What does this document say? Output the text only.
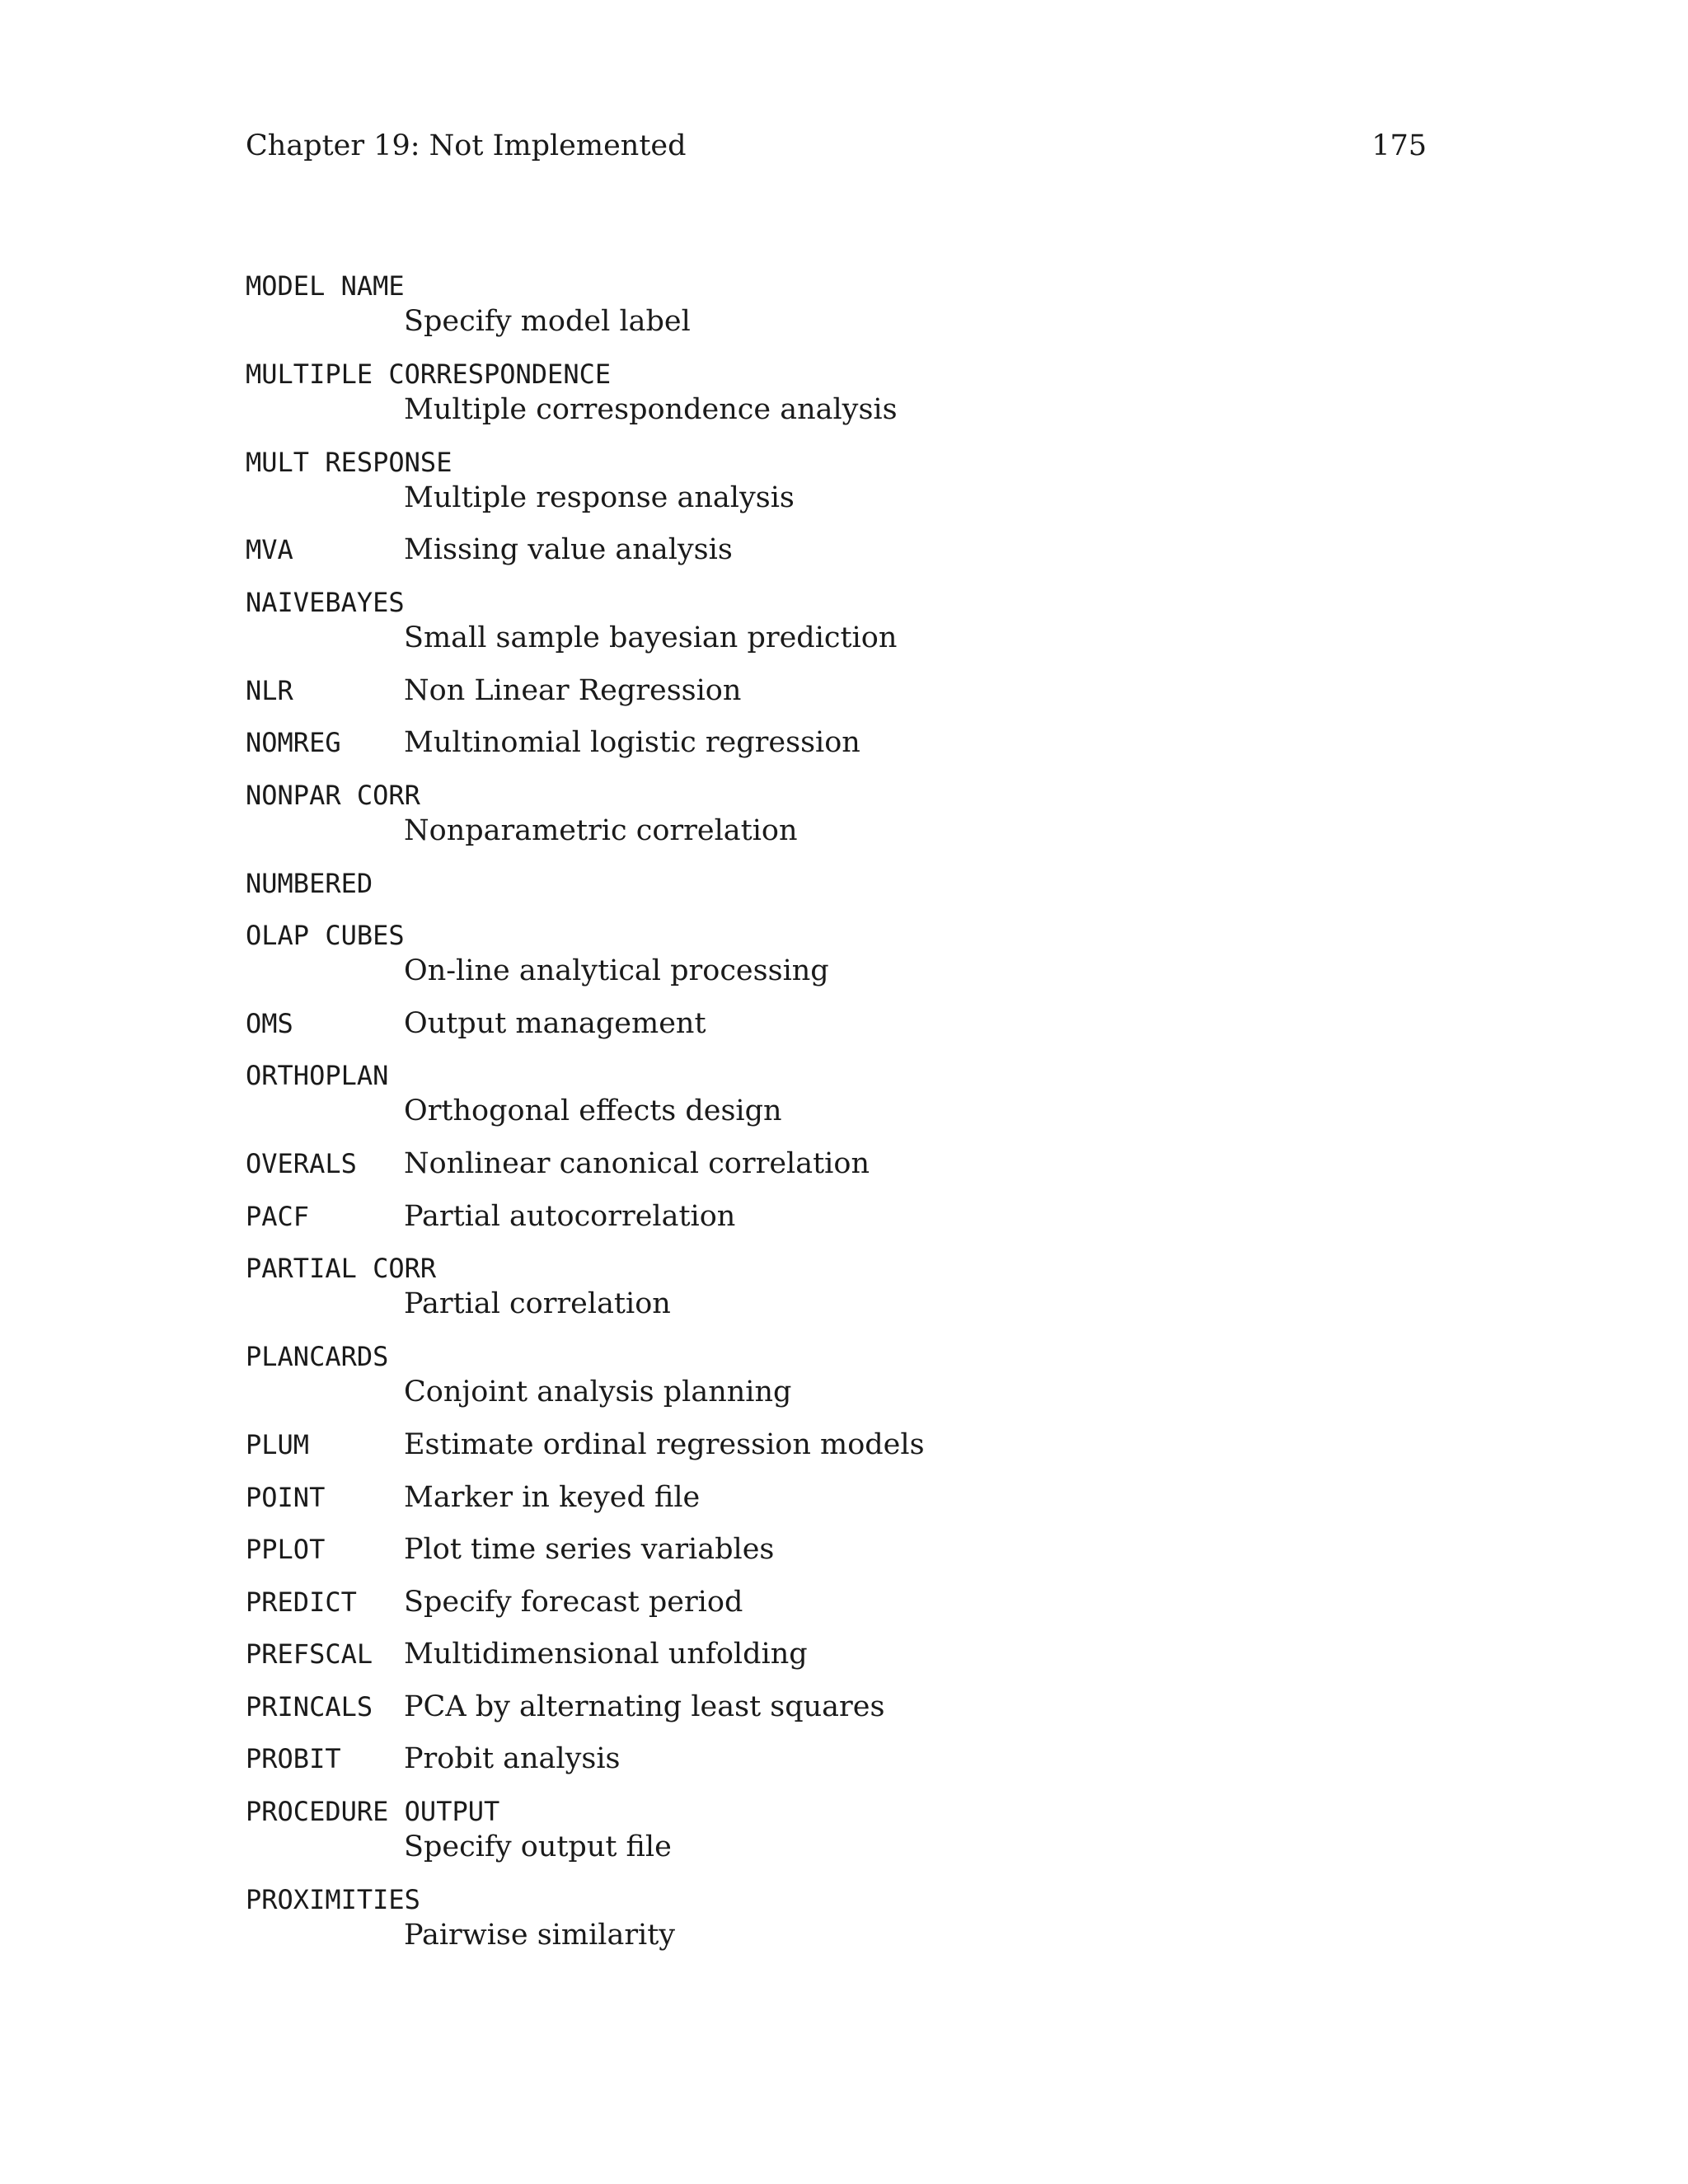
Chapter 19: Not Implemented	175
MODEL NAME
Specify model label
MULTIPLE CORRESPONDENCE
Multiple correspondence analysis
MULT RESPONSE
Multiple response analysis
MVA	Missing value analysis
NAIVEBAYES
Small sample bayesian prediction
NLR	Non Linear Regression
NOMREG Multinomial logistic regression
NONPAR CORR
Nonparametric correlation
NUMBERED
OLAP CUBES
On-line analytical processing
OMS	Output management
ORTHOPLAN
Orthogonal effects design
OVERALS Nonlinear canonical correlation
PACF	Partial autocorrelation
PARTIAL CORR
Partial correlation
PLANCARDS
Conjoint analysis planning
PLUM	Estimate ordinal regression models
POINT	Marker in keyed file
PPLOT	Plot time series variables
PREDICT Specify forecast period
PREFSCAL Multidimensional unfolding
PRINCALS PCA by alternating least squares
PROBIT Probit analysis
PROCEDURE OUTPUT
Specify output file
PROXIMITIES
Pairwise similarity
